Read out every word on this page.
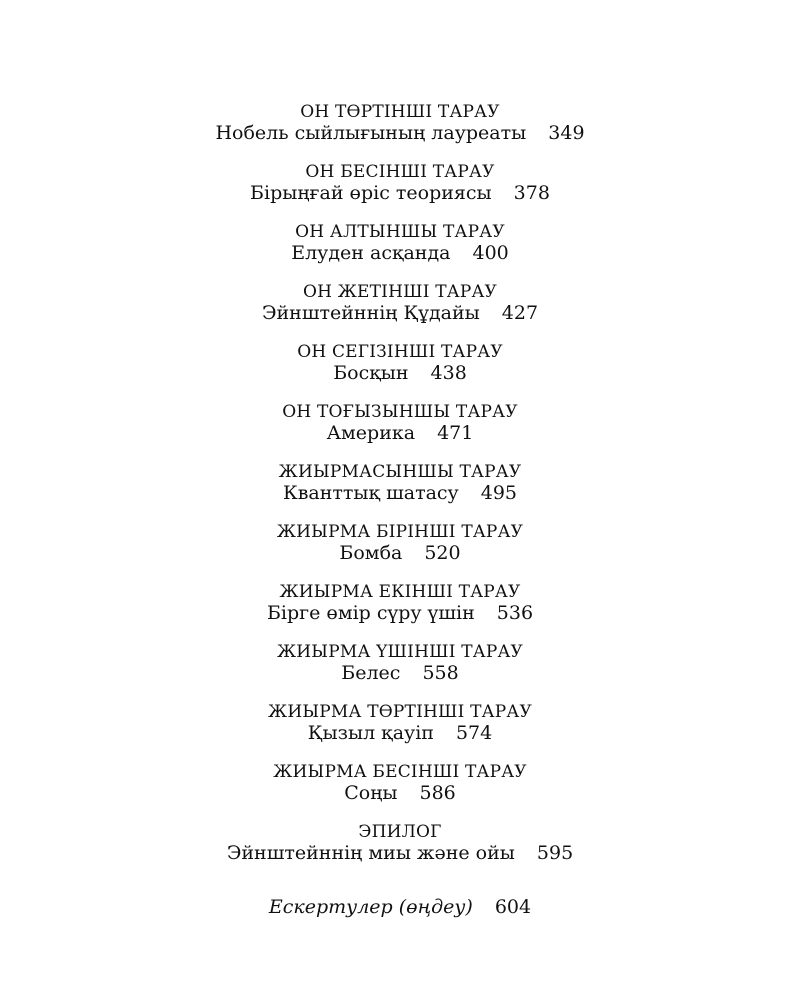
ОН ТӨРТІНШІ ТАРАУ
Нобель сыйлығының лауреаты 349
ОН БЕСІНШІ ТАРАУ
Бірыңғай өріс теориясы 378
ОН АЛТЫНШЫ ТАРАУ
Елуден асқанда 400
ОН ЖЕТІНШІ ТАРАУ
Эйнштейннің Құдайы 427
ОН СЕГІЗІНШІ ТАРАУ
Босқын 438
ОН ТОҒЫЗЫНШЫ ТАРАУ
Америка 471
ЖИЫРМАСЫНШЫ ТАРАУ
Кванттық шатасу 495
ЖИЫРМА БІРІНШІ ТАРАУ
Бомба 520
ЖИЫРМА ЕКІНШІ ТАРАУ
Бірге өмір сүру үшін 536
ЖИЫРМА ҮШІНШІ ТАРАУ
Белес 558
ЖИЫРМА ТӨРТІНШІ ТАРАУ
Қызыл қауіп 574
ЖИЫРМА БЕСІНШІ ТАРАУ
Соңы 586
ЭПИЛОГ
Эйнштейннің миы және ойы 595
Ескертулер (өңдеу) 604
